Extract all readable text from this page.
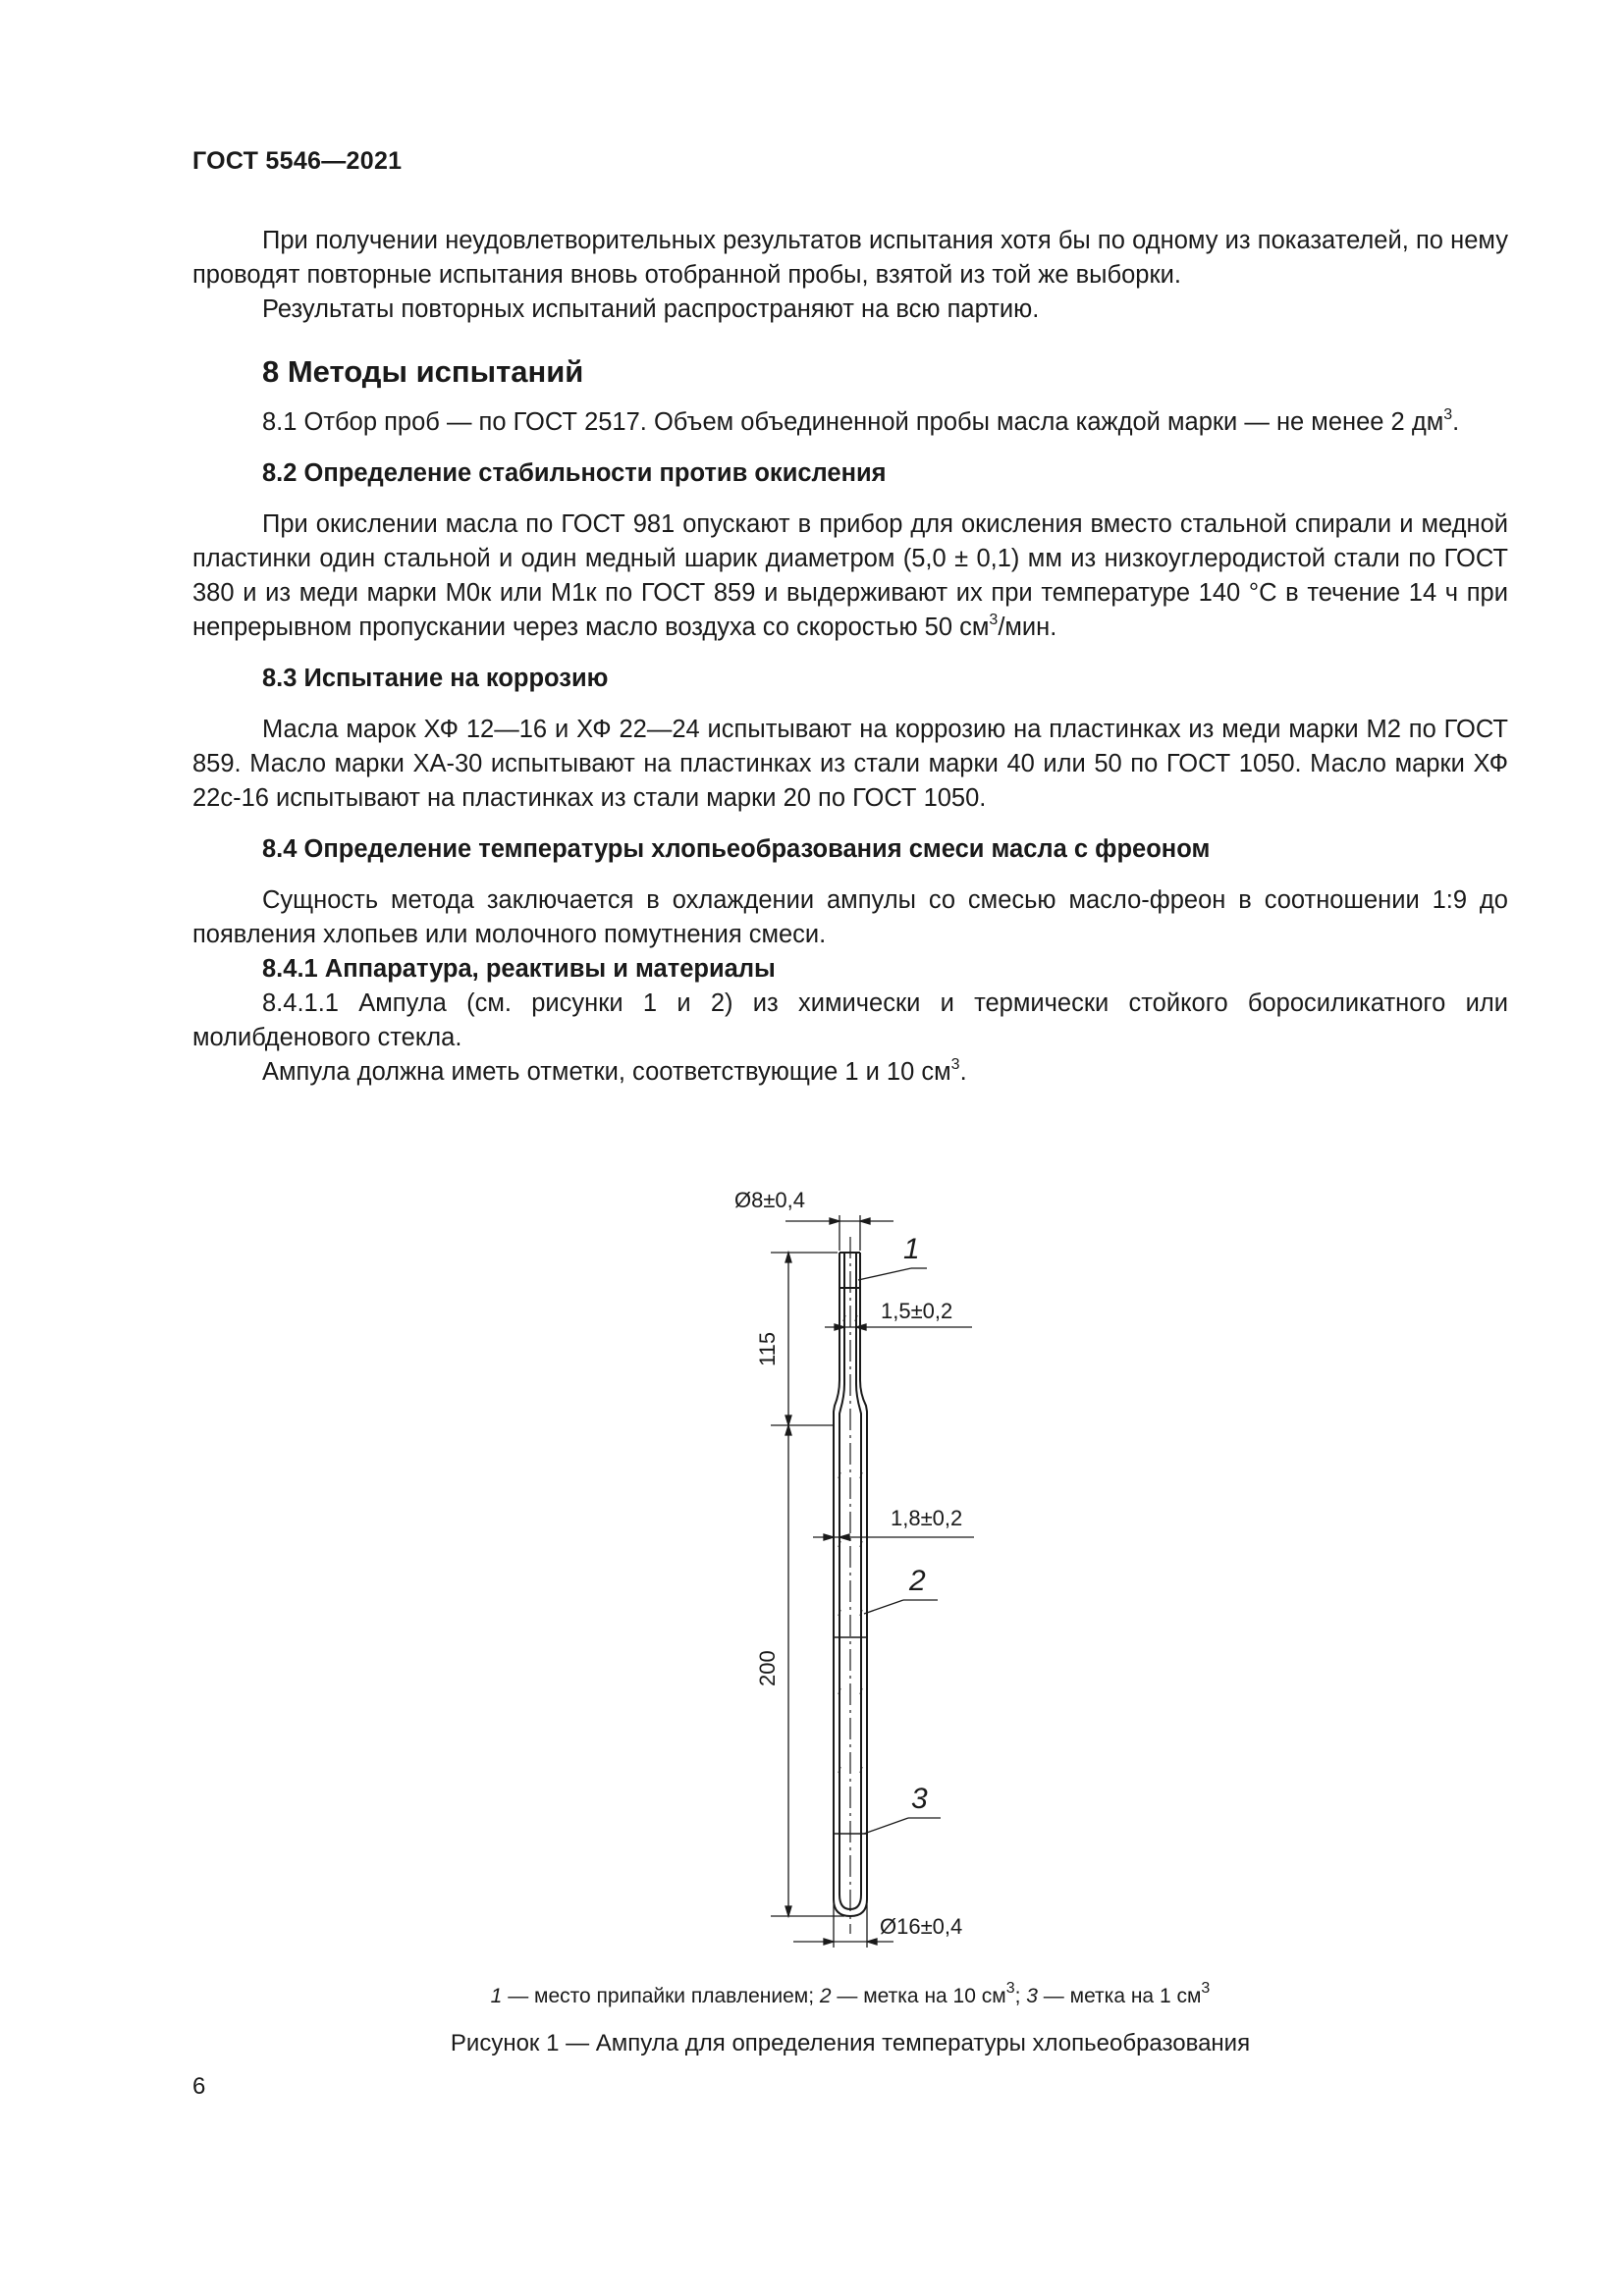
ГОСТ 5546—2021

При получении неудовлетворительных результатов испытания хотя бы по одному из показателей, по нему проводят повторные испытания вновь отобранной пробы, взятой из той же выборки.

Результаты повторных испытаний распространяют на всю партию.

8 Методы испытаний

8.1 Отбор проб — по ГОСТ 2517. Объем объединенной пробы масла каждой марки — не менее 2 $дм^3$.

8.2 Определение стабильности против окисления

При окислении масла по ГОСТ 981 опускают в прибор для окисления вместо стальной спирали и медной пластинки один стальной и один медный шарик диаметром (5,0 ± 0,1) мм из низкоуглеродистой стали по ГОСТ 380 и из меди марки М0к или М1к по ГОСТ 859 и выдерживают их при температуре 140 °С в течение 14 ч при непрерывном пропускании через масло воздуха со скоростью 50 $см^3$/мин.

8.3 Испытание на коррозию

Масла марок ХФ 12—16 и ХФ 22—24 испытывают на коррозию на пластинках из меди марки М2 по ГОСТ 859. Масло марки ХА-30 испытывают на пластинках из стали марки 40 или 50 по ГОСТ 1050. Масло марки ХФ 22с-16 испытывают на пластинках из стали марки 20 по ГОСТ 1050.

8.4 Определение температуры хлопьеобразования смеси масла с фреоном

Сущность метода заключается в охлаждении ампулы со смесью масло-фреон в соотношении 1:9 до появления хлопьев или молочного помутнения смеси.

8.4.1 Аппаратура, реактивы и материалы

8.4.1.1 Ампула (см. рисунки 1 и 2) из химически и термически стойкого боросиликатного или молибденового стекла.

Ампула должна иметь отметки, соответствующие 1 и 10 $см^3$.

Ø8±0,4
115
200
1
1,5±0,2
1,8±0,2
2
3
Ø16±0,4
1 — место припайки плавлением; 2 — метка на 10 $см^3$; 3 — метка на 1 $см^3$
Рисунок 1 — Ампула для определения температуры хлопьеобразования
6
